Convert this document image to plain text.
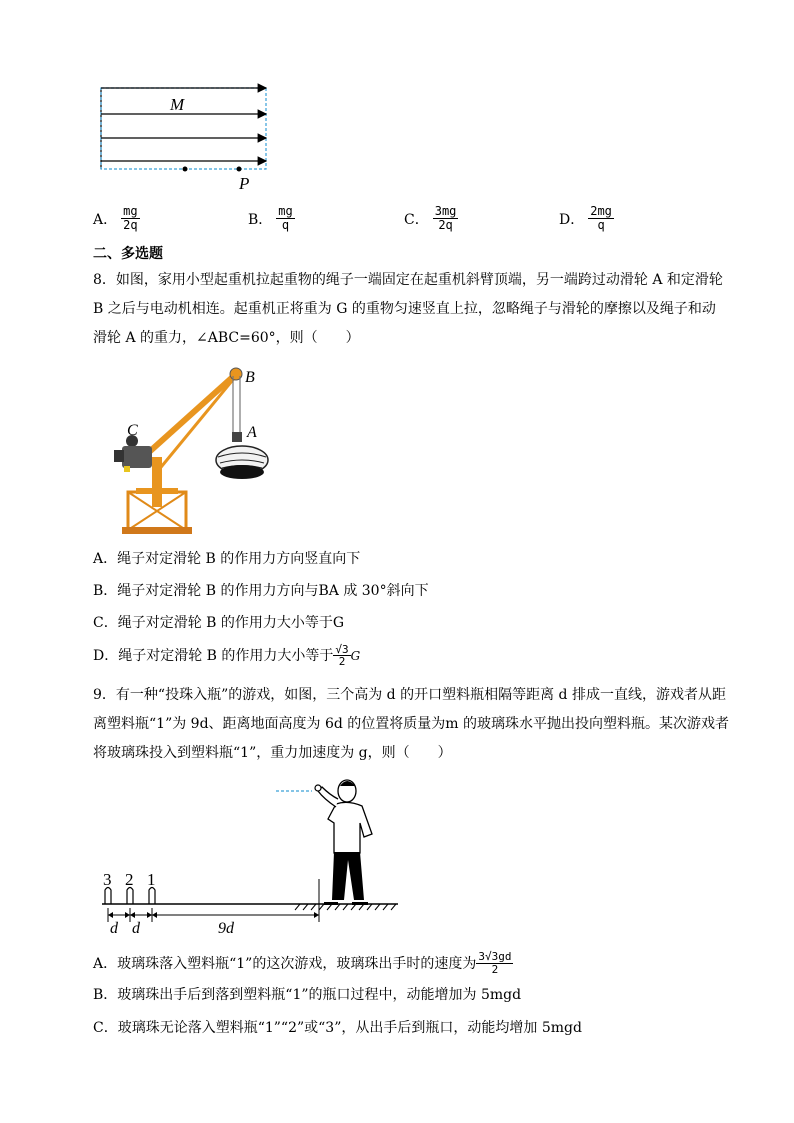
M
P
A． $\frac{mg}{2q}$	B． $\frac{mg}{q}$	C． $\frac{3mg}{2q}$	D． $\frac{2mg}{q}$
二、多选题
8．如图，家用小型起重机拉起重物的绳子一端固定在起重机斜臂顶端，另一端跨过动滑轮 A 和定滑轮
B 之后与电动机相连。起重机正将重为 G 的重物匀速竖直上拉，忽略绳子与滑轮的摩擦以及绳子和动
滑轮 A 的重力，∠ABC=60°，则（　　）
B
A
C
A．绳子对定滑轮 B 的作用力方向竖直向下
B．绳子对定滑轮 B 的作用力方向与BA 成 30°斜向下
C．绳子对定滑轮 B 的作用力大小等于G
D．绳子对定滑轮 B 的作用力大小等于 $\frac{√3}{2}$ G
9．有一种“投珠入瓶”的游戏，如图，三个高为 d 的开口塑料瓶相隔等距离 d 排成一直线，游戏者从距
离塑料瓶“1”为 9d、距离地面高度为 6d 的位置将质量为m 的玻璃珠水平抛出投向塑料瓶。某次游戏者
将玻璃珠投入到塑料瓶“1”，重力加速度为 g，则（　　）
3 2 1
d d	9d
A．玻璃珠落入塑料瓶“1”的这次游戏，玻璃珠出手时的速度为 $\frac{3√3gd}{2}$
B．玻璃珠出手后到落到塑料瓶“1”的瓶口过程中，动能增加为 5mgd
C．玻璃珠无论落入塑料瓶“1”“2”或“3”，从出手后到瓶口，动能均增加 5mgd
